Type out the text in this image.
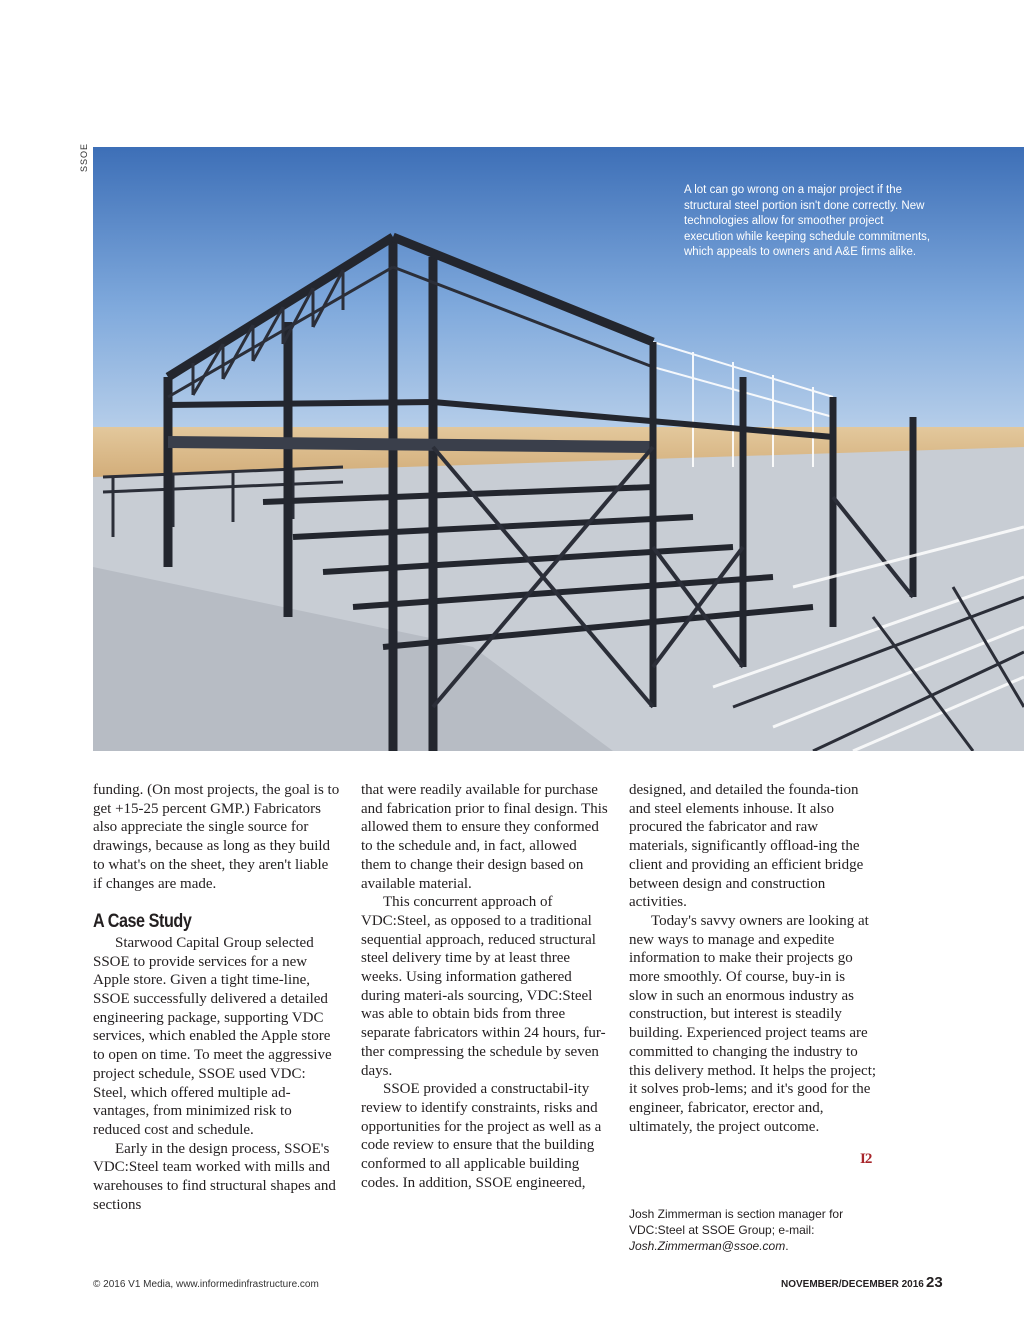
SSOE
A lot can go wrong on a major project if the structural steel portion isn't done correctly. New technologies allow for smoother project execution while keeping schedule commitments, which appeals to owners and A&E firms alike.

funding. (On most projects, the goal is to get +15-25 percent GMP.) Fabricators also appreciate the single source for drawings, because as long as they build to what's on the sheet, they aren't liable if changes are made.

A Case Study

Starwood Capital Group selected SSOE to provide services for a new Apple store. Given a tight time-line, SSOE successfully delivered a detailed engineering package, supporting VDC services, which enabled the Apple store to open on time. To meet the aggressive project schedule, SSOE used VDC: Steel, which offered multiple ad-vantages, from minimized risk to reduced cost and schedule.

Early in the design process, SSOE's VDC:Steel team worked with mills and warehouses to find structural shapes and sections

that were readily available for purchase and fabrication prior to final design. This allowed them to ensure they conformed to the schedule and, in fact, allowed them to change their design based on available material.

This concurrent approach of VDC:Steel, as opposed to a traditional sequential approach, reduced structural steel delivery time by at least three weeks. Using information gathered during materi-als sourcing, VDC:Steel was able to obtain bids from three separate fabricators within 24 hours, fur-ther compressing the schedule by seven days.

SSOE provided a constructabil-ity review to identify constraints, risks and opportunities for the project as well as a code review to ensure that the building conformed to all applicable building codes. In addition, SSOE engineered,

designed, and detailed the founda-tion and steel elements inhouse. It also procured the fabricator and raw materials, significantly offload-ing the client and providing an efficient bridge between design and construction activities.

Today's savvy owners are looking at new ways to manage and expedite information to make their projects go more smoothly. Of course, buy-in is slow in such an enormous industry as construction, but interest is steadily building. Experienced project teams are committed to changing the industry to this delivery method. It helps the project; it solves prob-lems; and it's good for the engineer, fabricator, erector and, ultimately, the project outcome.

I2
Josh Zimmerman is section manager for VDC:Steel at SSOE Group; e-mail: Josh.Zimmerman@ssoe.com.
© 2016 V1 Media, www.informedinfrastructure.com	NOVEMBER/DECEMBER 2016 23
